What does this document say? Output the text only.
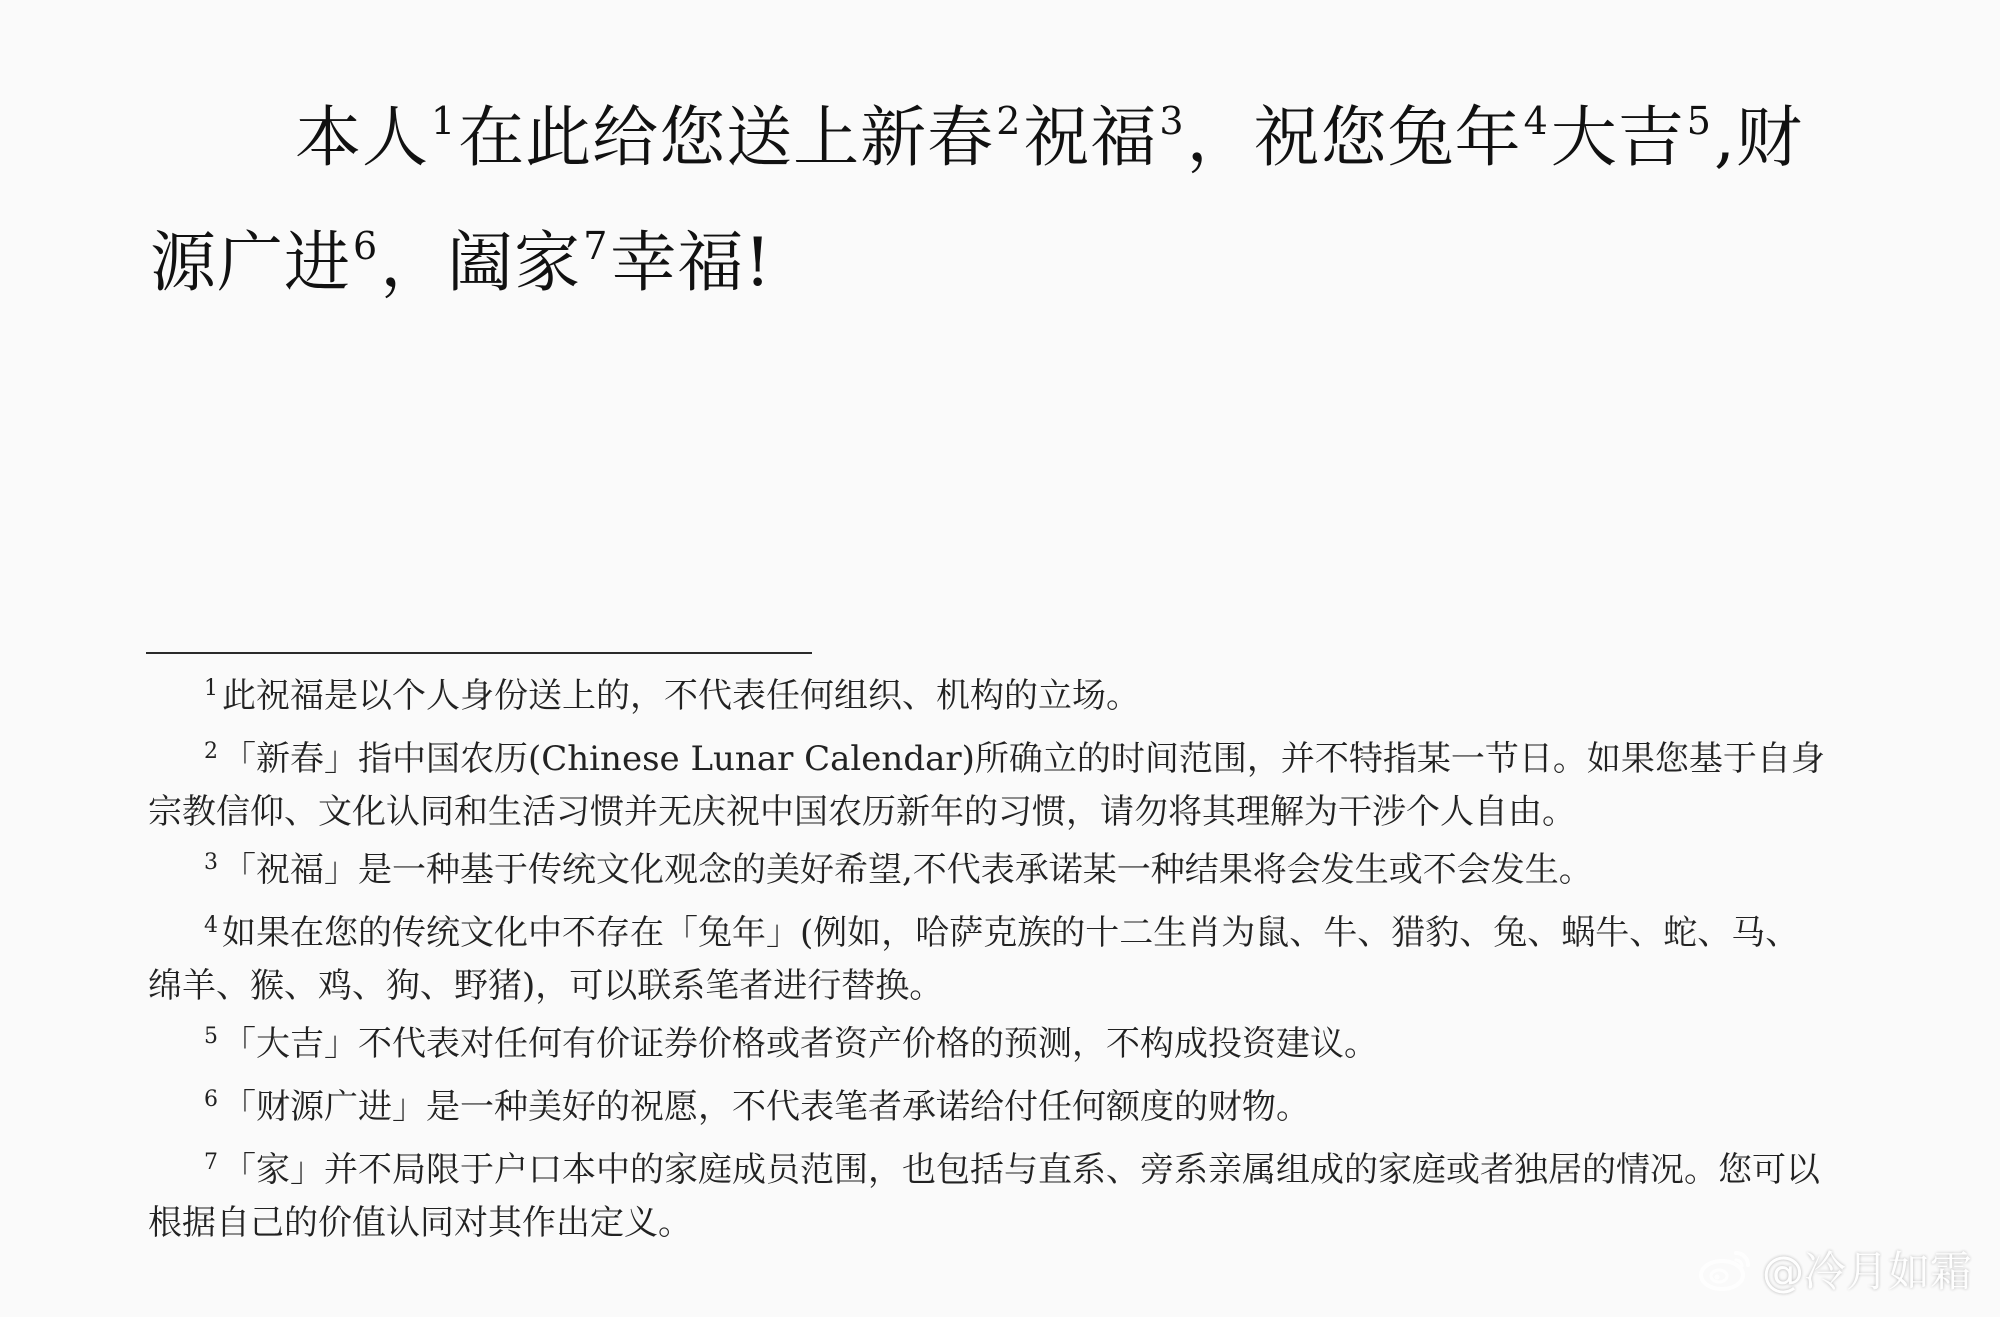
本人$^1$在此给您送上新春$^2$祝福$^3$，祝您兔年$^4$大吉$^5$,财源广进$^6$，阖家$^7$幸福!

$^1$ 此祝福是以个人身份送上的，不代表任何组织、机构的立场。

$^2$ 「新春」指中国农历(Chinese Lunar Calendar)所确立的时间范围，并不特指某一节日。如果您基于自身宗教信仰、文化认同和生活习惯并无庆祝中国农历新年的习惯，请勿将其理解为干涉个人自由。

$^3$ 「祝福」是一种基于传统文化观念的美好希望,不代表承诺某一种结果将会发生或不会发生。

$^4$ 如果在您的传统文化中不存在「兔年」(例如，哈萨克族的十二生肖为鼠、牛、猎豹、兔、蜗牛、蛇、马、绵羊、猴、鸡、狗、野猪)，可以联系笔者进行替换。

$^5$ 「大吉」不代表对任何有价证券价格或者资产价格的预测，不构成投资建议。

$^6$ 「财源广进」是一种美好的祝愿，不代表笔者承诺给付任何额度的财物。

$^7$ 「家」并不局限于户口本中的家庭成员范围，也包括与直系、旁系亲属组成的家庭或者独居的情况。您可以根据自己的价值认同对其作出定义。

@冷月如霜
